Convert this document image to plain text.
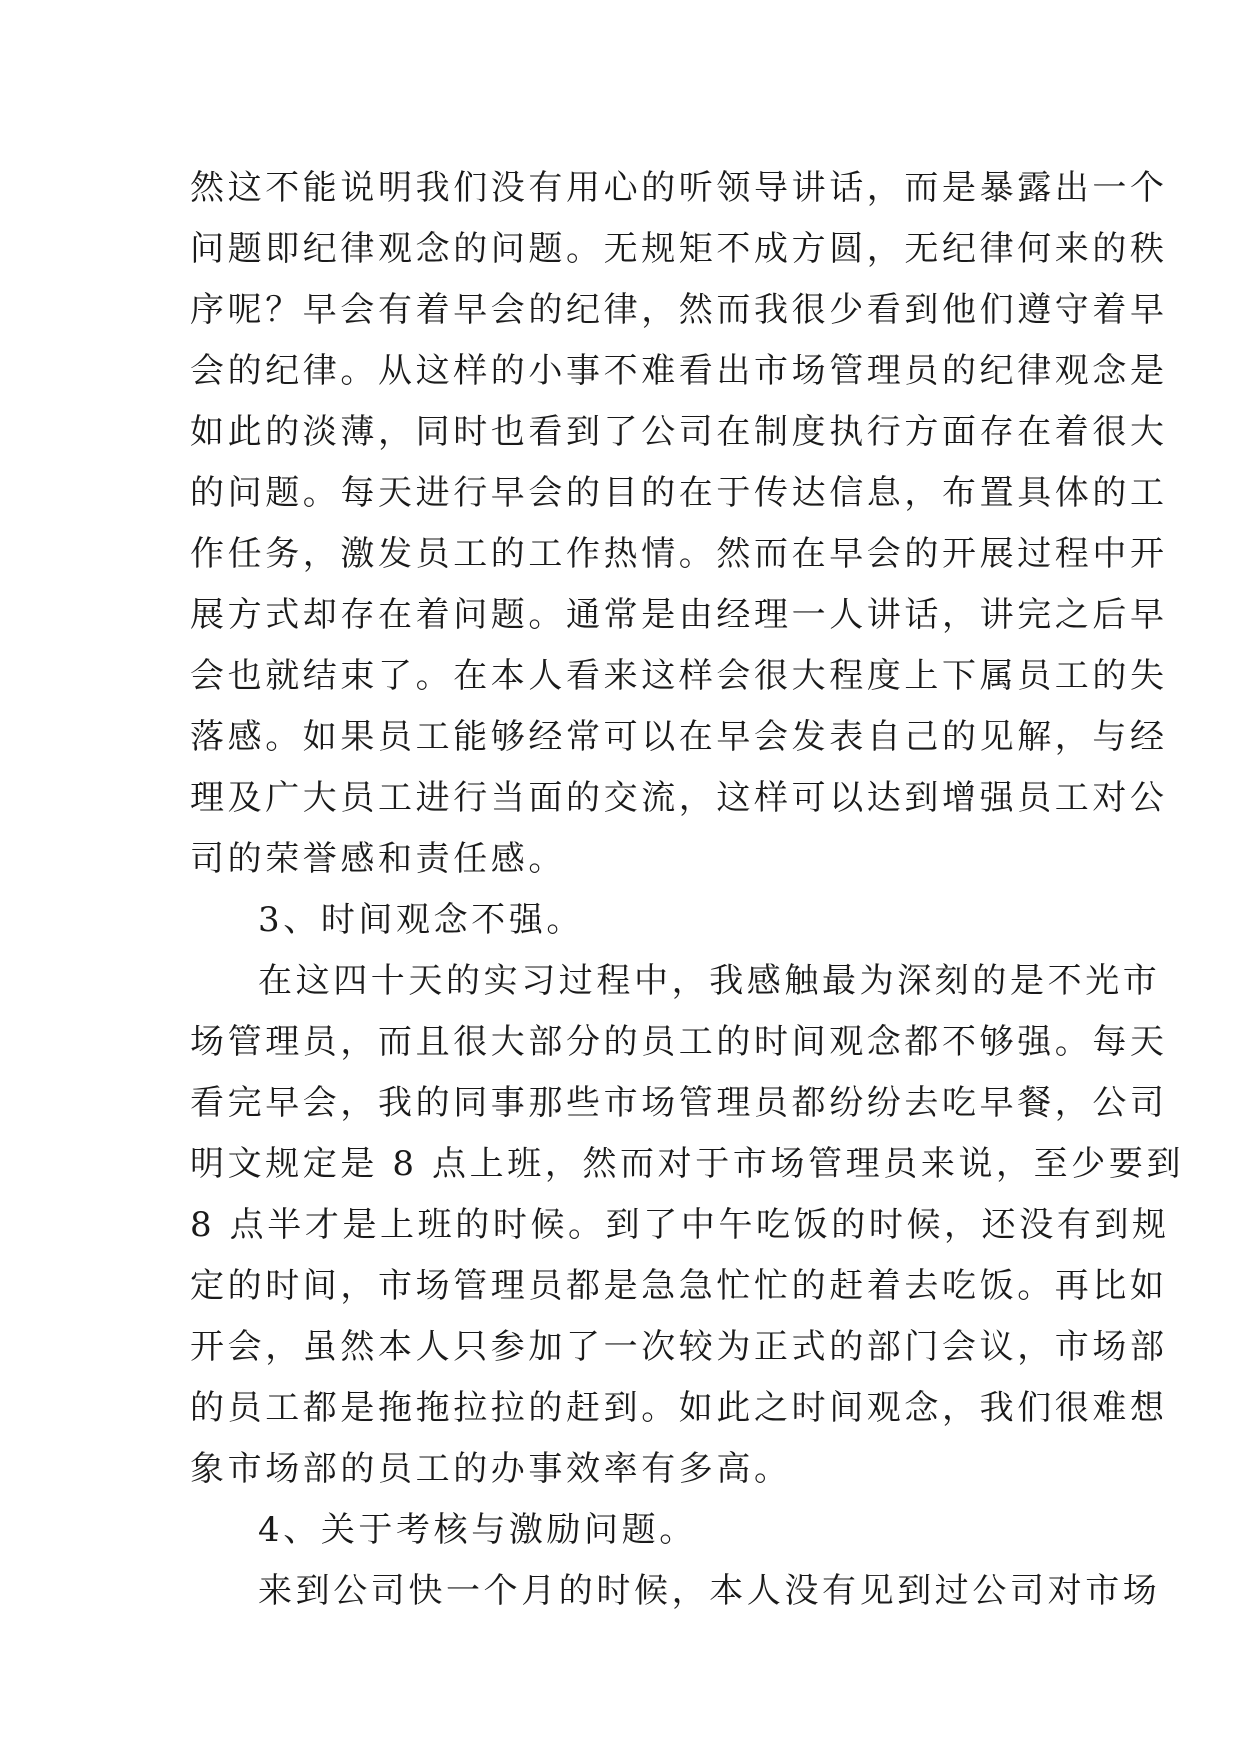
然这不能说明我们没有用心的听领导讲话，而是暴露出一个
问题即纪律观念的问题。无规矩不成方圆，无纪律何来的秩
序呢？早会有着早会的纪律，然而我很少看到他们遵守着早
会的纪律。从这样的小事不难看出市场管理员的纪律观念是
如此的淡薄，同时也看到了公司在制度执行方面存在着很大
的问题。每天进行早会的目的在于传达信息，布置具体的工
作任务，激发员工的工作热情。然而在早会的开展过程中开
展方式却存在着问题。通常是由经理一人讲话，讲完之后早
会也就结束了。在本人看来这样会很大程度上下属员工的失
落感。如果员工能够经常可以在早会发表自己的见解，与经
理及广大员工进行当面的交流，这样可以达到增强员工对公
司的荣誉感和责任感。
3、时间观念不强。
在这四十天的实习过程中，我感触最为深刻的是不光市
场管理员，而且很大部分的员工的时间观念都不够强。每天
看完早会，我的同事那些市场管理员都纷纷去吃早餐，公司
明文规定是 8 点上班，然而对于市场管理员来说，至少要到
8 点半才是上班的时候。到了中午吃饭的时候，还没有到规
定的时间，市场管理员都是急急忙忙的赶着去吃饭。再比如
开会，虽然本人只参加了一次较为正式的部门会议，市场部
的员工都是拖拖拉拉的赶到。如此之时间观念，我们很难想
象市场部的员工的办事效率有多高。
4、关于考核与激励问题。
来到公司快一个月的时候，本人没有见到过公司对市场
